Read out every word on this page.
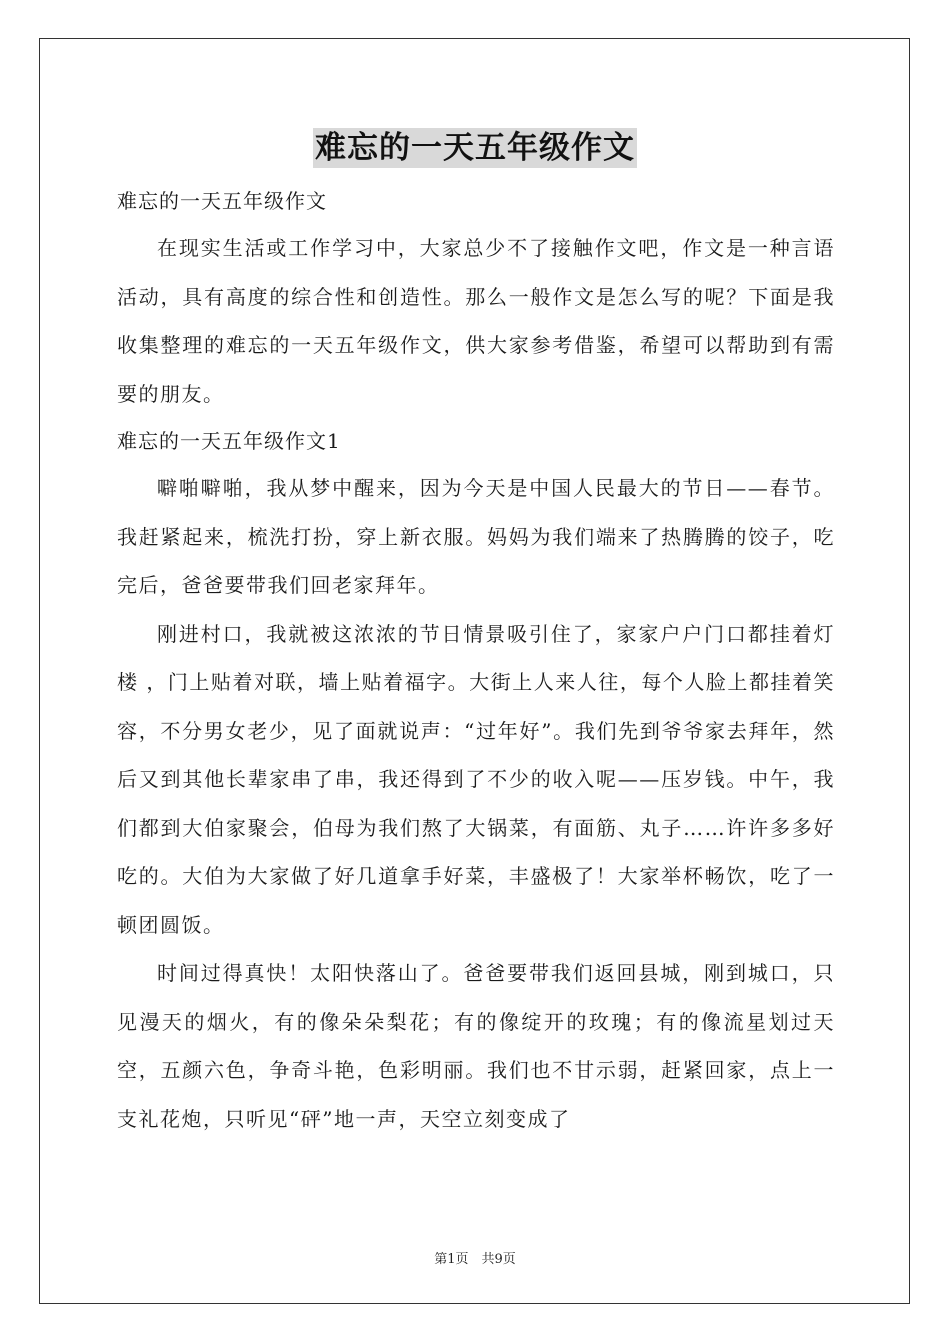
难忘的一天五年级作文

难忘的一天五年级作文

在现实生活或工作学习中，大家总少不了接触作文吧，作文是一种言语活动，具有高度的综合性和创造性。那么一般作文是怎么写的呢？下面是我收集整理的难忘的一天五年级作文，供大家参考借鉴，希望可以帮助到有需要的朋友。

难忘的一天五年级作文1

噼啪噼啪，我从梦中醒来，因为今天是中国人民最大的节日——春节。我赶紧起来，梳洗打扮，穿上新衣服。妈妈为我们端来了热腾腾的饺子，吃完后，爸爸要带我们回老家拜年。

刚进村口，我就被这浓浓的节日情景吸引住了，家家户户门口都挂着灯楼 ，门上贴着对联，墙上贴着福字。大街上人来人往，每个人脸上都挂着笑容，不分男女老少，见了面就说声：“过年好”。我们先到爷爷家去拜年，然后又到其他长辈家串了串，我还得到了不少的收入呢——压岁钱。中午，我们都到大伯家聚会，伯母为我们熬了大锅菜，有面筋、丸子……许许多多好吃的。大伯为大家做了好几道拿手好菜，丰盛极了！大家举杯畅饮，吃了一顿团圆饭。

时间过得真快！太阳快落山了。爸爸要带我们返回县城，刚到城口，只见漫天的烟火，有的像朵朵梨花；有的像绽开的玫瑰；有的像流星划过天空，五颜六色，争奇斗艳，色彩明丽。我们也不甘示弱，赶紧回家，点上一支礼花炮，只听见“砰”地一声，天空立刻变成了

第1页　共9页
